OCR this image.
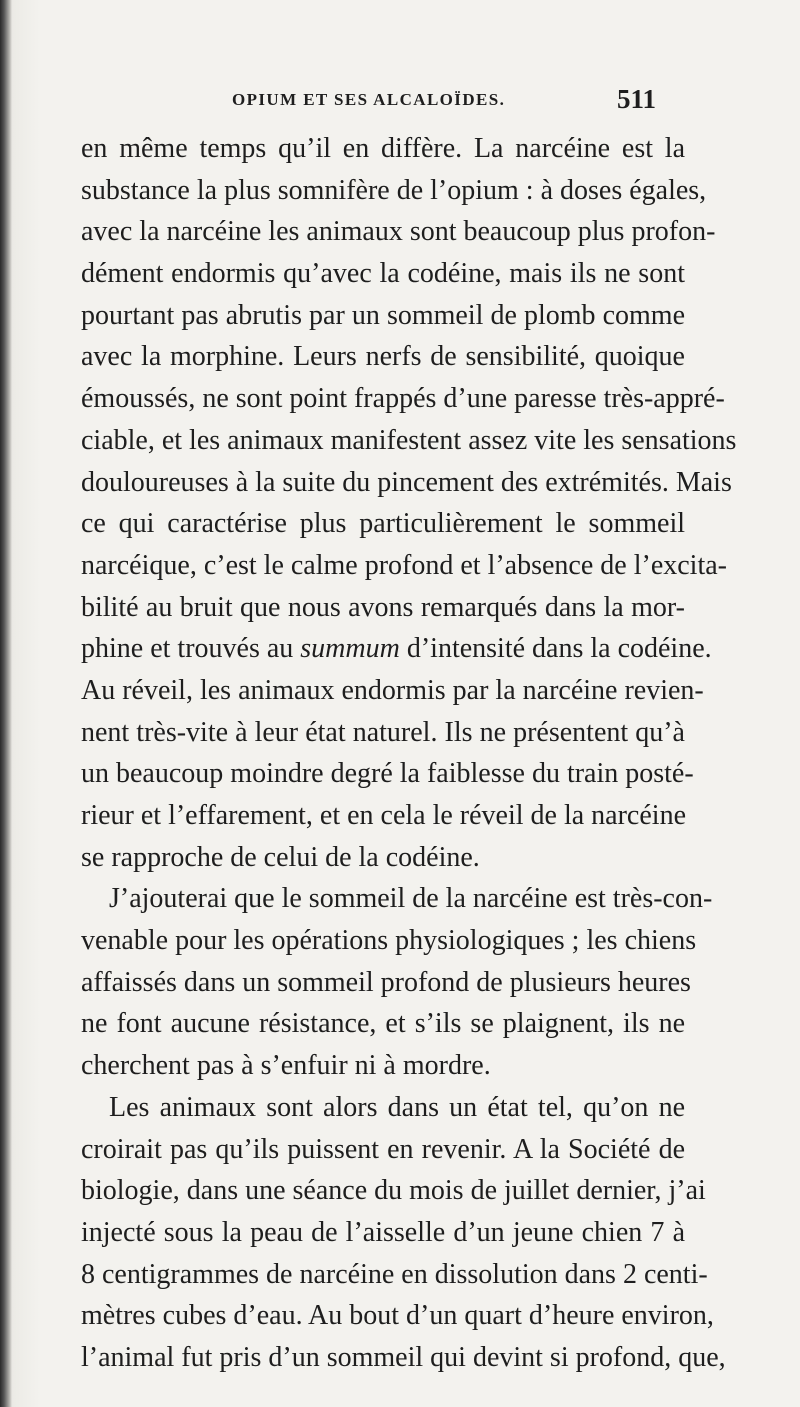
OPIUM ET SES ALCALOÏDES.	511
en même temps qu’il en diffère. La narcéine est la
substance la plus somnifère de l’opium : à doses égales,
avec la narcéine les animaux sont beaucoup plus profon-
dément endormis qu’avec la codéine, mais ils ne sont
pourtant pas abrutis par un sommeil de plomb comme
avec la morphine. Leurs nerfs de sensibilité, quoique
émoussés, ne sont point frappés d’une paresse très-appré-
ciable, et les animaux manifestent assez vite les sensations
douloureuses à la suite du pincement des extrémités. Mais
ce qui caractérise plus particulièrement le sommeil
narcéique, c’est le calme profond et l’absence de l’excita-
bilité au bruit que nous avons remarqués dans la mor-
phine et trouvés au summum d’intensité dans la codéine.
Au réveil, les animaux endormis par la narcéine revien-
nent très-vite à leur état naturel. Ils ne présentent qu’à
un beaucoup moindre degré la faiblesse du train posté-
rieur et l’effarement, et en cela le réveil de la narcéine
se rapproche de celui de la codéine.
J’ajouterai que le sommeil de la narcéine est très-con-
venable pour les opérations physiologiques ; les chiens
affaissés dans un sommeil profond de plusieurs heures
ne font aucune résistance, et s’ils se plaignent, ils ne
cherchent pas à s’enfuir ni à mordre.
Les animaux sont alors dans un état tel, qu’on ne
croirait pas qu’ils puissent en revenir. A la Société de
biologie, dans une séance du mois de juillet dernier, j’ai
injecté sous la peau de l’aisselle d’un jeune chien 7 à
8 centigrammes de narcéine en dissolution dans 2 centi-
mètres cubes d’eau. Au bout d’un quart d’heure environ,
l’animal fut pris d’un sommeil qui devint si profond, que,
